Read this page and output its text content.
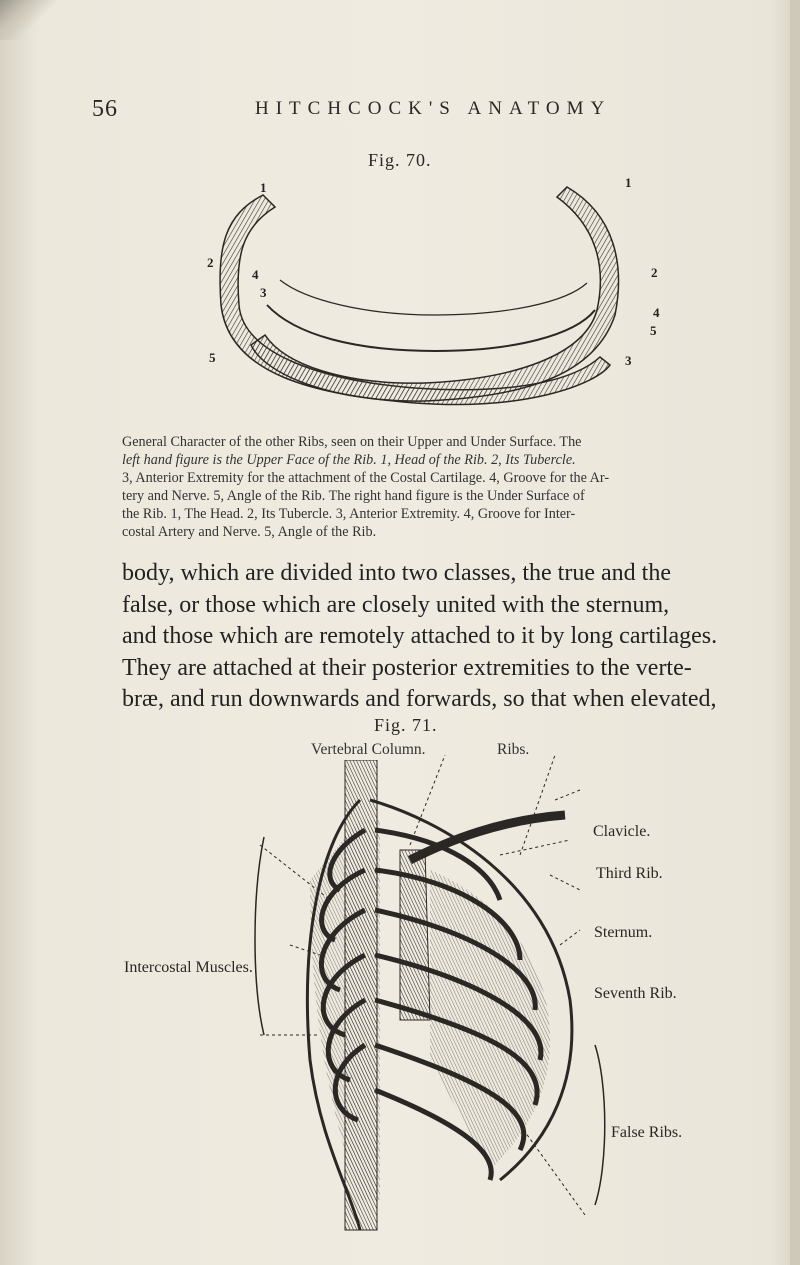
56	HITCHCOCK'S ANATOMY
Fig. 70.
1
2
4
3
5
1
2
4
5
3
General Character of the other Ribs, seen on their Upper and Under Surface. The
left hand figure is the Upper Face of the Rib. 1, Head of the Rib. 2, Its Tubercle.
3, Anterior Extremity for the attachment of the Costal Cartilage. 4, Groove for the Ar-
tery and Nerve. 5, Angle of the Rib. The right hand figure is the Under Surface of
the Rib. 1, The Head. 2, Its Tubercle. 3, Anterior Extremity. 4, Groove for Inter-
costal Artery and Nerve. 5, Angle of the Rib.
body, which are divided into two classes, the true and the
false, or those which are closely united with the sternum,
and those which are remotely attached to it by long cartilages.
They are attached at their posterior extremities to the verte-
bræ, and run downwards and forwards, so that when elevated,
Fig. 71.
Vertebral Column.	Ribs.
Clavicle.
Third Rib.
Sternum.
Seventh Rib.
False Ribs.
Intercostal Muscles.
